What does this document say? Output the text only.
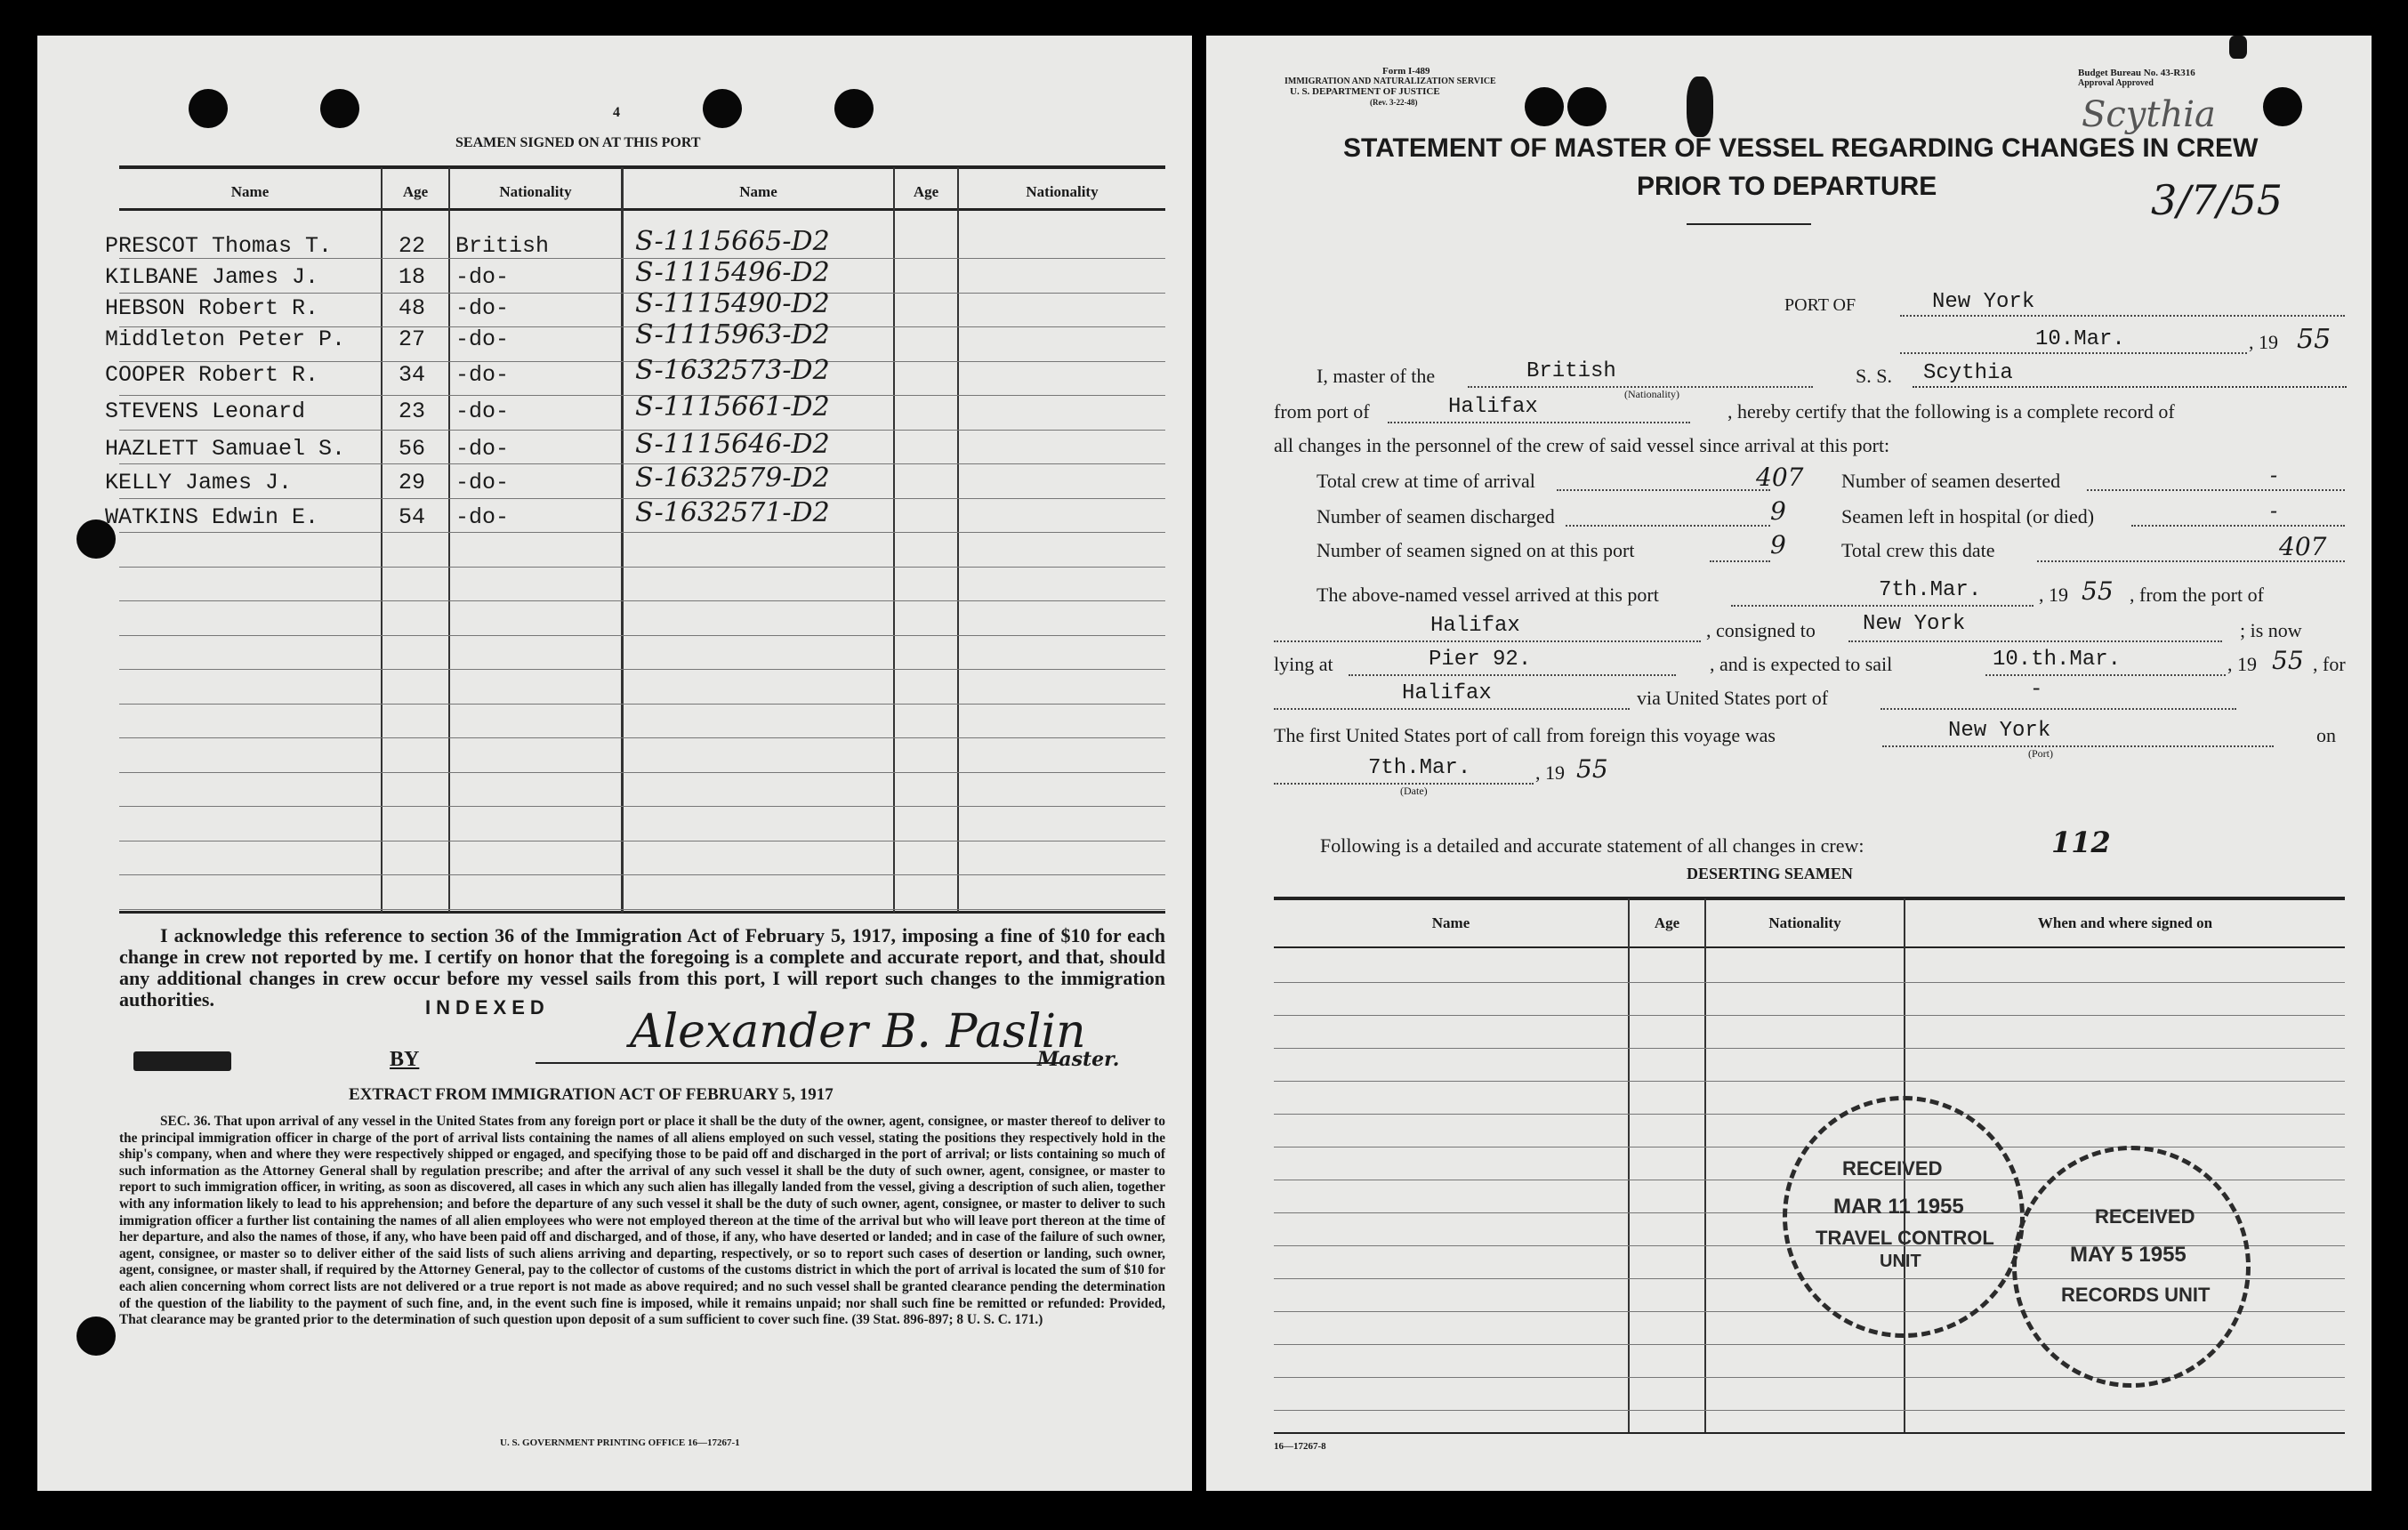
4
SEAMEN SIGNED ON AT THIS PORT
Name	Age	Nationality	Name	Age	Nationality
PRESCOT Thomas T.	22 British	S-1115665-D2
KILBANE James J.	18 -do-	S-1115496-D2
HEBSON Robert R.	48 -do-	S-1115490-D2
Middleton Peter P. 27 -do-	S-1115963-D2
COOPER Robert R.	34 -do-	S-1632573-D2
STEVENS Leonard	23 -do-	S-1115661-D2
HAZLETT Samuael S. 56 -do-	S-1115646-D2
KELLY James J.	29 -do-	S-1632579-D2
WATKINS Edwin E.	54 -do-	S-1632571-D2
I acknowledge this reference to section 36 of the Immigration Act of February 5, 1917, imposing a fine of $10 for each change in crew not reported by me. I certify on honor that the foregoing is a complete and accurate report, and that, should any additional changes in crew occur before my vessel sails from this port, I will report such changes to the immigration authorities.	INDEXED
BY
Alexander B. Paslin
Master.
EXTRACT FROM IMMIGRATION ACT OF FEBRUARY 5, 1917
SEC. 36. That upon arrival of any vessel in the United States from any foreign port or place it shall be the duty of the owner, agent, consignee, or master thereof to deliver to the principal immigration officer in charge of the port of arrival lists containing the names of all aliens employed on such vessel, stating the positions they respectively hold in the ship's company, when and where they were respectively shipped or engaged, and specifying those to be paid off and discharged in the port of arrival; or lists containing so much of such information as the Attorney General shall by regulation prescribe; and after the arrival of any such vessel it shall be the duty of such owner, agent, consignee, or master to report to such immigration officer, in writing, as soon as discovered, all cases in which any such alien has illegally landed from the vessel, giving a description of such alien, together with any information likely to lead to his apprehension; and before the departure of any such vessel it shall be the duty of such owner, agent, consignee, or master to deliver to such immigration officer a further list containing the names of all alien employees who were not employed thereon at the time of the arrival but who will leave port thereon at the time of her departure, and also the names of those, if any, who have been paid off and discharged, and of those, if any, who have deserted or landed; and in case of the failure of such owner, agent, consignee, or master so to deliver either of the said lists of such aliens arriving and departing, respectively, or so to report such cases of desertion or landing, such owner, agent, consignee, or master shall, if required by the Attorney General, pay to the collector of customs of the customs district in which the port of arrival is located the sum of $10 for each alien concerning whom correct lists are not delivered or a true report is not made as above required; and no such vessel shall be granted clearance pending the determination of the question of the liability to the payment of such fine, and, in the event such fine is imposed, while it remains unpaid; nor shall such fine be remitted or refunded: Provided, That clearance may be granted prior to the determination of such question upon deposit of a sum sufficient to cover such fine. (39 Stat. 896-897; 8 U. S. C. 171.)
U. S. GOVERNMENT PRINTING OFFICE 16—17267-1
Form I-489
IMMIGRATION AND NATURALIZATION SERVICE
U. S. DEPARTMENT OF JUSTICE
(Rev. 3-22-48)
Budget Bureau No. 43-R316
Approval Approved
Scythia
3/7/55
STATEMENT OF MASTER OF VESSEL REGARDING CHANGES IN CREW
PRIOR TO DEPARTURE
PORT OF	New York
10.Mar.	, 19 55
I, master of the	British
(Nationality)
S. S. Scythia
from port of	Halifax	, hereby certify that the following is a complete record of
all changes in the personnel of the crew of said vessel since arrival at this port:
Total crew at time of arrival	407 Number of seamen deserted	-
Number of seamen discharged	9	Seamen left in hospital (or died)	-
Number of seamen signed on at this port	9	Total crew this date	407
The above-named vessel arrived at this port	7th.Mar.	, 19 55 , from the port of
Halifax	, consigned to New York	; is now
lying at	Pier 92.	, and is expected to sail	10.th.Mar.	, 19 55 , for
Halifax	via United States port of	-
The first United States port of call from foreign this voyage was	New York
(Port)
on
7th.Mar.
(Date)
, 19 55
Following is a detailed and accurate statement of all changes in crew:	112
DESERTING SEAMEN
Name	Age	Nationality	When and where signed on
RECEIVED
MAR 11 1955
TRAVEL CONTROL
UNIT
RECEIVED
MAY 5 1955
RECORDS UNIT
16—17267-8
